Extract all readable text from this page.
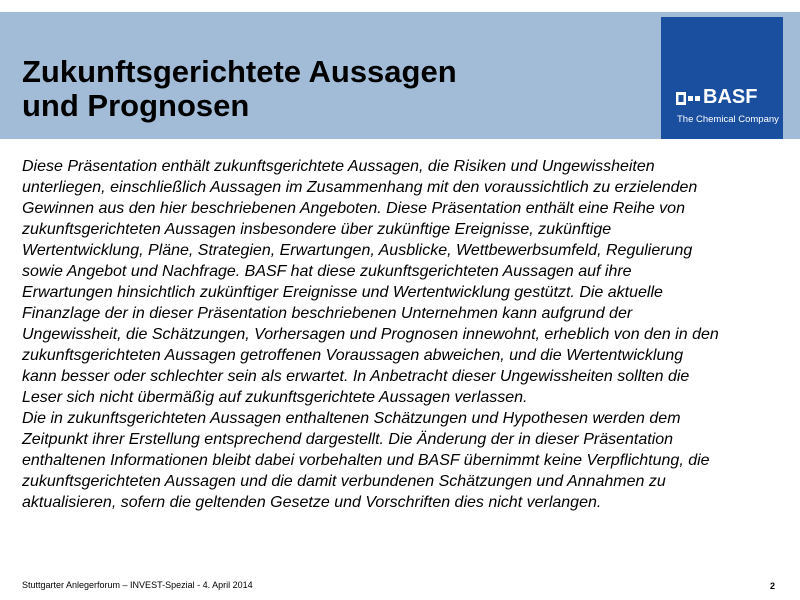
Zukunftsgerichtete Aussagen
und Prognosen	BASF
The Chemical Company

Diese Präsentation enthält zukunftsgerichtete Aussagen, die Risiken und Ungewissheiten unterliegen, einschließlich Aussagen im Zusammenhang mit den voraussichtlich zu erzielenden Gewinnen aus den hier beschriebenen Angeboten. Diese Präsentation enthält eine Reihe von zukunftsgerichteten Aussagen insbesondere über zukünftige Ereignisse, zukünftige Wertentwicklung, Pläne, Strategien, Erwartungen, Ausblicke, Wettbewerbsumfeld, Regulierung sowie Angebot und Nachfrage. BASF hat diese zukunftsgerichteten Aussagen auf ihre Erwartungen hinsichtlich zukünftiger Ereignisse und Wertentwicklung gestützt. Die aktuelle Finanzlage der in dieser Präsentation beschriebenen Unternehmen kann aufgrund der Ungewissheit, die Schätzungen, Vorhersagen und Prognosen innewohnt, erheblich von den in den zukunftsgerichteten Aussagen getroffenen Voraussagen abweichen, und die Wertentwicklung kann besser oder schlechter sein als erwartet. In Anbetracht dieser Ungewissheiten sollten die Leser sich nicht übermäßig auf zukunftsgerichtete Aussagen verlassen.

Die in zukunftsgerichteten Aussagen enthaltenen Schätzungen und Hypothesen werden dem Zeitpunkt ihrer Erstellung entsprechend dargestellt. Die Änderung der in dieser Präsentation enthaltenen Informationen bleibt dabei vorbehalten und BASF übernimmt keine Verpflichtung, die zukunftsgerichteten Aussagen und die damit verbundenen Schätzungen und Annahmen zu aktualisieren, sofern die geltenden Gesetze und Vorschriften dies nicht verlangen.

Stuttgarter Anlegerforum – INVEST-Spezial - 4. April 2014	2
